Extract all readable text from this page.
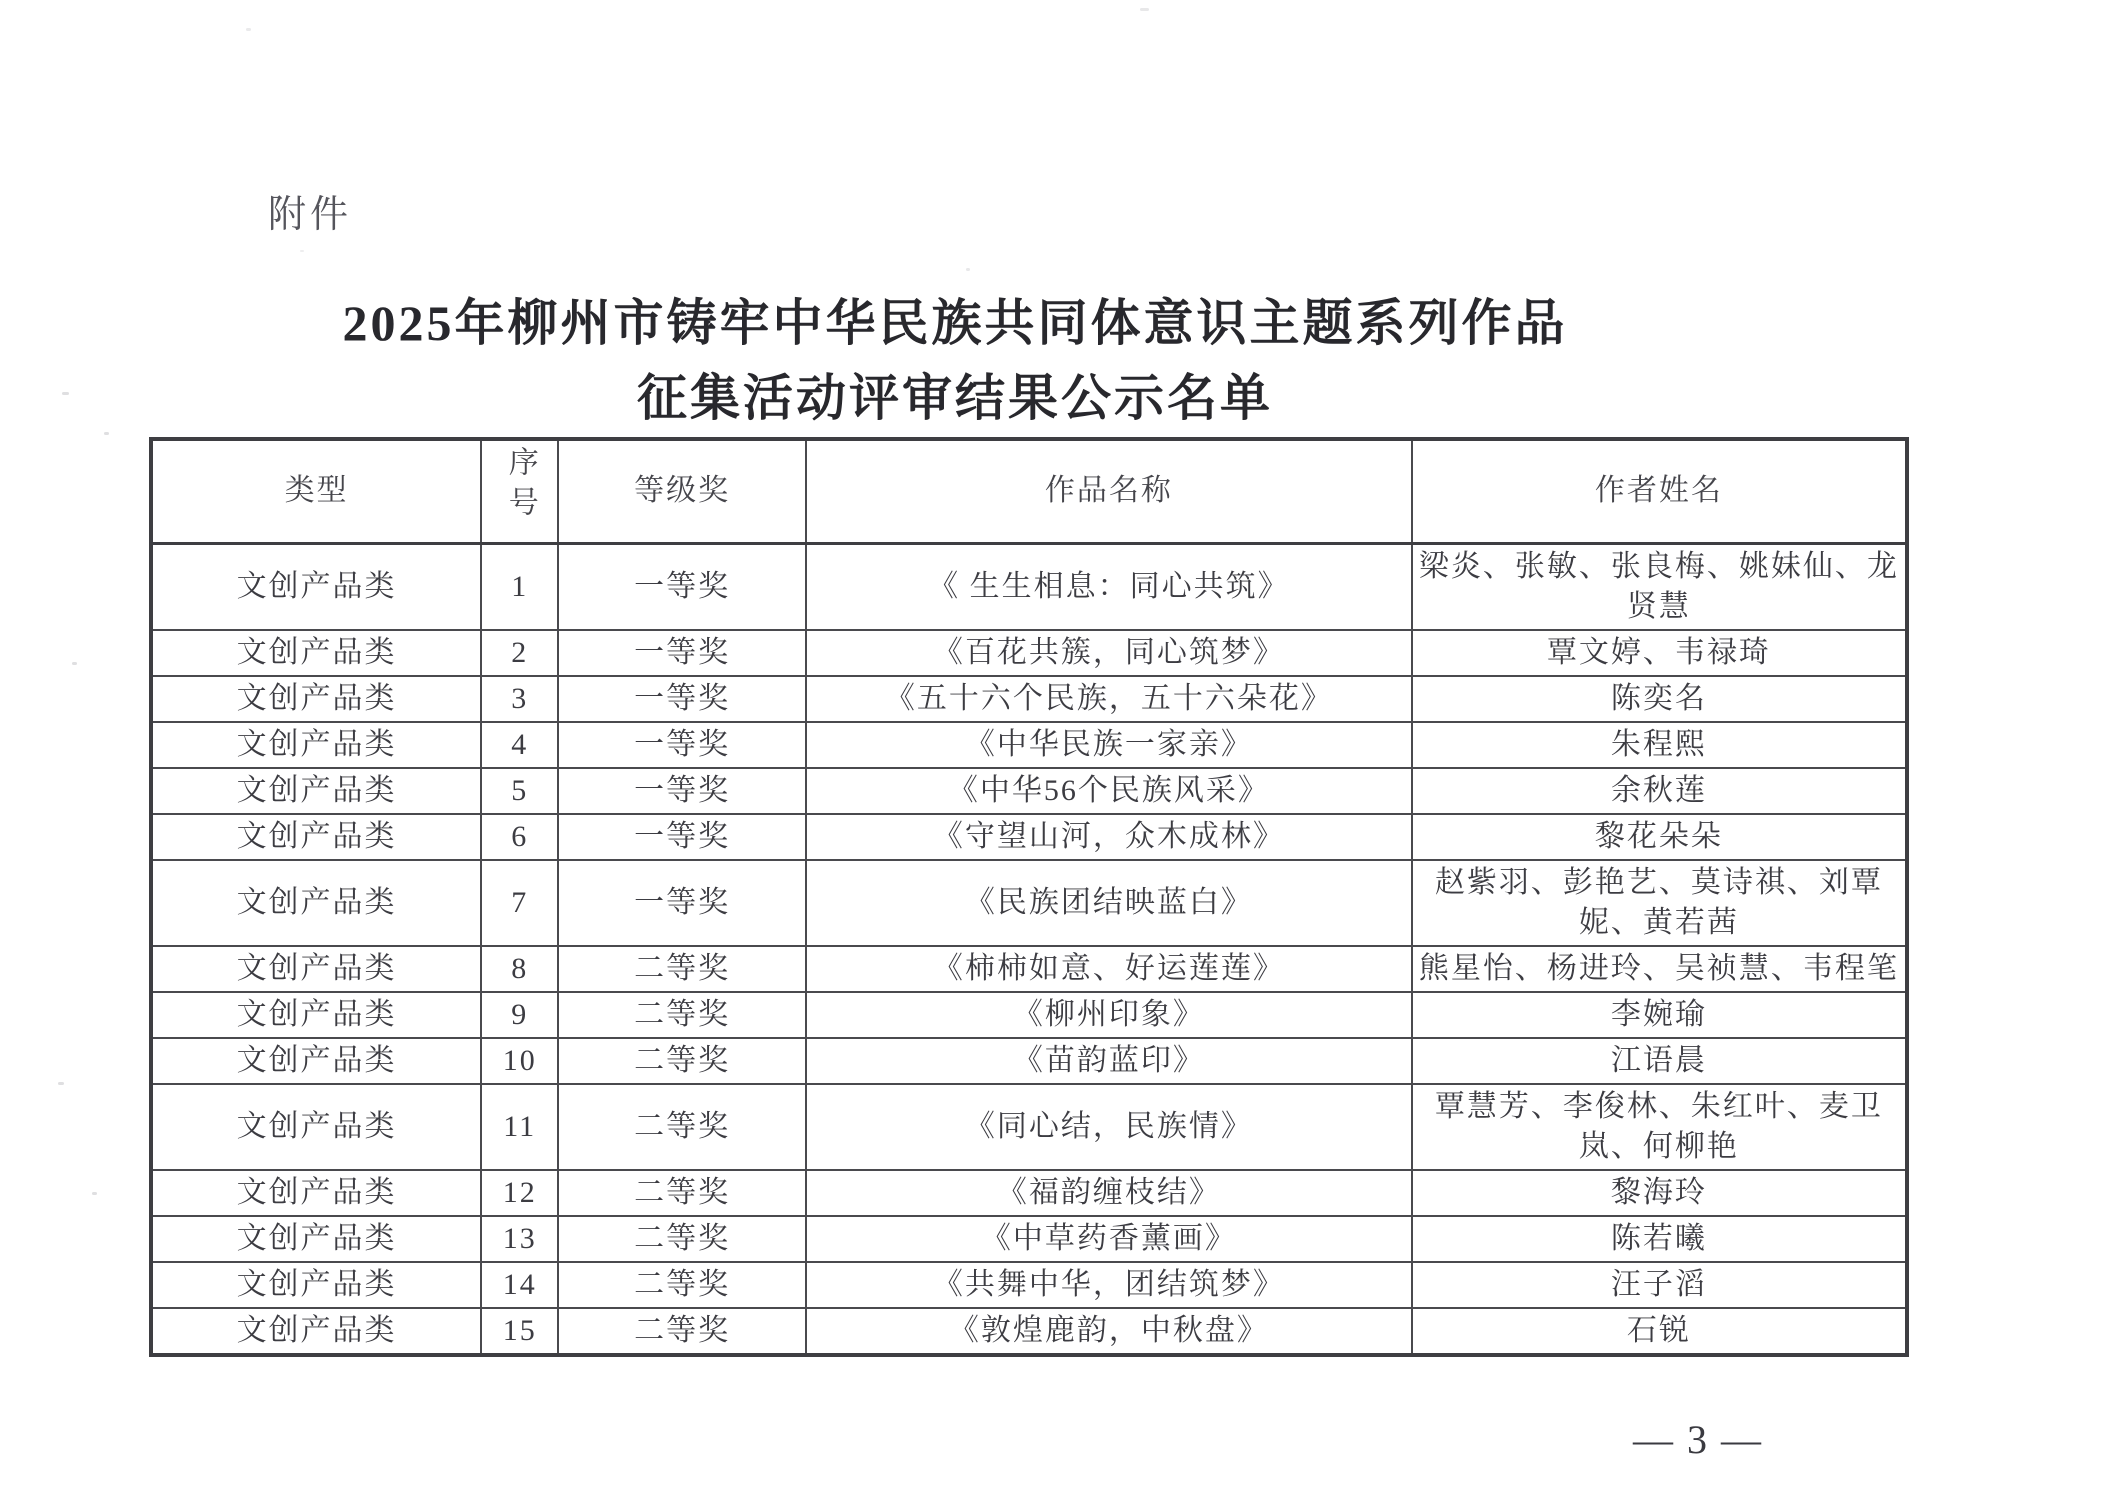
附件
2025年柳州市铸牢中华民族共同体意识主题系列作品
征集活动评审结果公示名单
类型	序号	等级奖	作品名称	作者姓名
文创产品类	1	一等奖	《 生生相息：同心共筑》	梁炎、张敏、张良梅、姚妹仙、龙贤慧
文创产品类	2	一等奖	《百花共簇，同心筑梦》	覃文婷、韦禄琦
文创产品类	3	一等奖	《五十六个民族，五十六朵花》	陈奕名
文创产品类	4	一等奖	《中华民族一家亲》	朱程熙
文创产品类	5	一等奖	《中华56个民族风采》	余秋莲
文创产品类	6	一等奖	《守望山河，众木成林》	黎花朵朵
文创产品类	7	一等奖	《民族团结映蓝白》	赵紫羽、彭艳艺、莫诗祺、刘覃妮、黄若茜
文创产品类	8	二等奖	《柿柿如意、好运莲莲》	熊星怡、杨进玲、吴祯慧、韦程笔
文创产品类	9	二等奖	《柳州印象》	李婉瑜
文创产品类	10	二等奖	《苗韵蓝印》	江语晨
文创产品类	11	二等奖	《同心结，民族情》	覃慧芳、李俊林、朱红叶、麦卫岚、何柳艳
文创产品类	12	二等奖	《福韵缠枝结》	黎海玲
文创产品类	13	二等奖	《中草药香薰画》	陈若曦
文创产品类	14	二等奖	《共舞中华，团结筑梦》	汪子滔
文创产品类	15	二等奖	《敦煌鹿韵，中秋盘》	石锐
— 3 —
